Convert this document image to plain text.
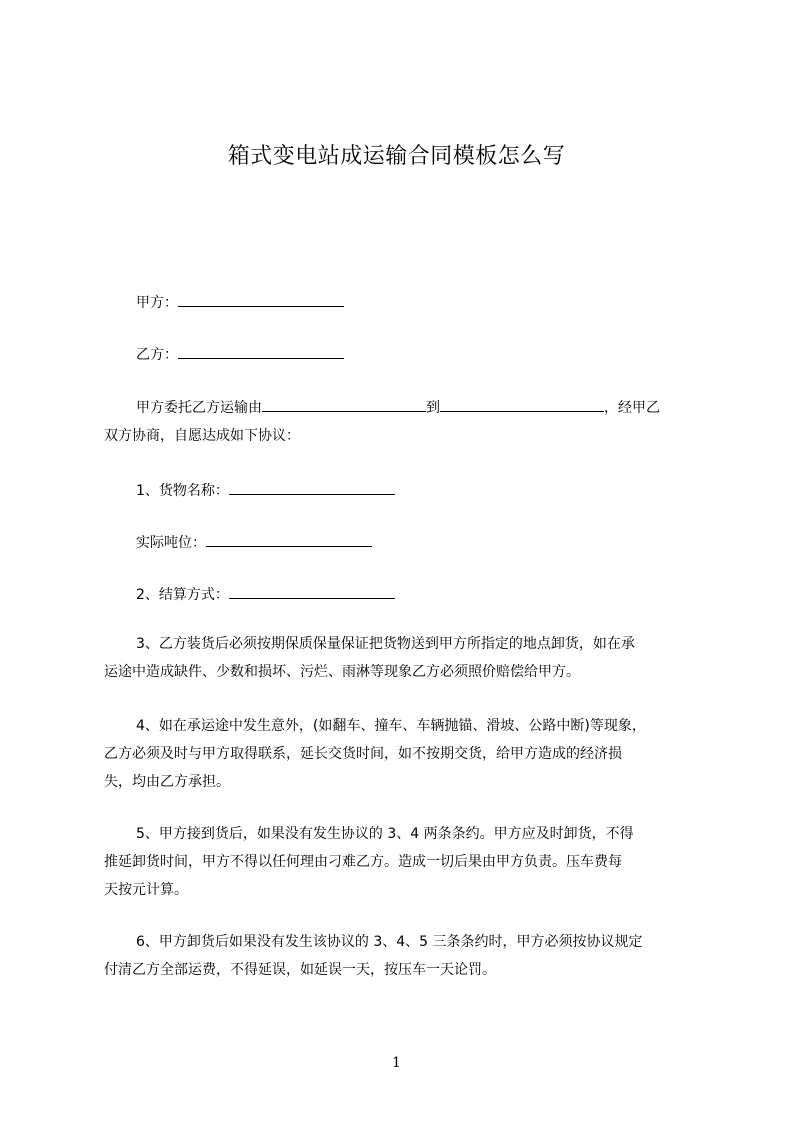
箱式变电站成运输合同模板怎么写
甲方：
乙方：
甲方委托乙方运输由	到	，经甲乙
双方协商，自愿达成如下协议：
1、货物名称：
实际吨位：
2、结算方式：
3、乙方装货后必须按期保质保量保证把货物送到甲方所指定的地点卸货，如在承
运途中造成缺件、少数和损坏、污烂、雨淋等现象乙方必须照价赔偿给甲方。
4、如在承运途中发生意外，(如翻车、撞车、车辆抛锚、滑坡、公路中断)等现象，
乙方必须及时与甲方取得联系，延长交货时间，如不按期交货，给甲方造成的经济损
失，均由乙方承担。
5、甲方接到货后，如果没有发生协议的 3、4 两条条约。甲方应及时卸货，不得
推延卸货时间，甲方不得以任何理由刁难乙方。造成一切后果由甲方负责。压车费每
天按元计算。
6、甲方卸货后如果没有发生该协议的 3、4、5 三条条约时，甲方必须按协议规定
付清乙方全部运费，不得延误，如延误一天，按压车一天论罚。
1
